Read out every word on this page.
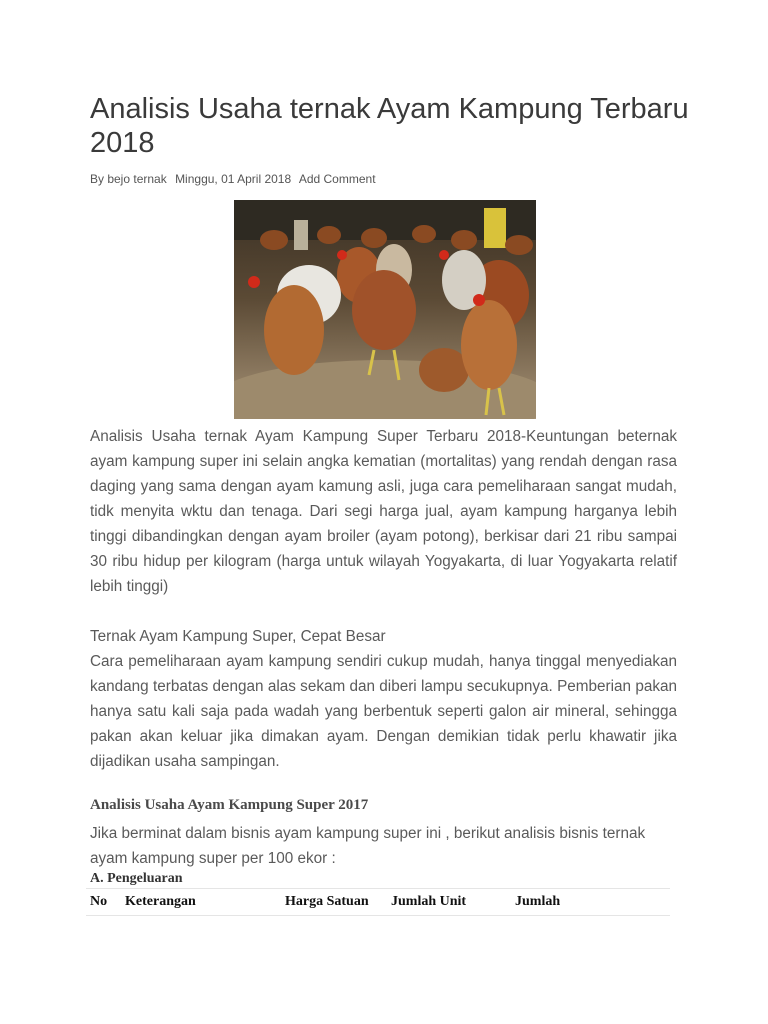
Analisis Usaha ternak Ayam Kampung Terbaru 2018
By bejo ternak Minggu, 01 April 2018 Add Comment

Analisis Usaha ternak Ayam Kampung Super Terbaru 2018-Keuntungan beternak ayam kampung super ini selain angka kematian (mortalitas) yang rendah dengan rasa daging yang sama dengan ayam kamung asli, juga cara pemeliharaan sangat mudah, tidk menyita wktu dan tenaga. Dari segi harga jual, ayam kampung harganya lebih tinggi dibandingkan dengan ayam broiler (ayam potong), berkisar dari 21 ribu sampai 30 ribu hidup per kilogram (harga untuk wilayah Yogyakarta, di luar Yogyakarta relatif lebih tinggi)

Ternak Ayam Kampung Super, Cepat Besar

Cara pemeliharaan ayam kampung sendiri cukup mudah, hanya tinggal menyediakan kandang terbatas dengan alas sekam dan diberi lampu secukupnya. Pemberian pakan hanya satu kali saja pada wadah yang berbentuk seperti galon air mineral, sehingga pakan akan keluar jika dimakan ayam. Dengan demikian tidak perlu khawatir jika dijadikan usaha sampingan.

Analisis Usaha Ayam Kampung Super 2017

Jika berminat dalam bisnis ayam kampung super ini , berikut analisis bisnis ternak ayam kampung super per 100 ekor :

A. Pengeluaran
No	Keterangan	Harga Satuan	Jumlah Unit	Jumlah
